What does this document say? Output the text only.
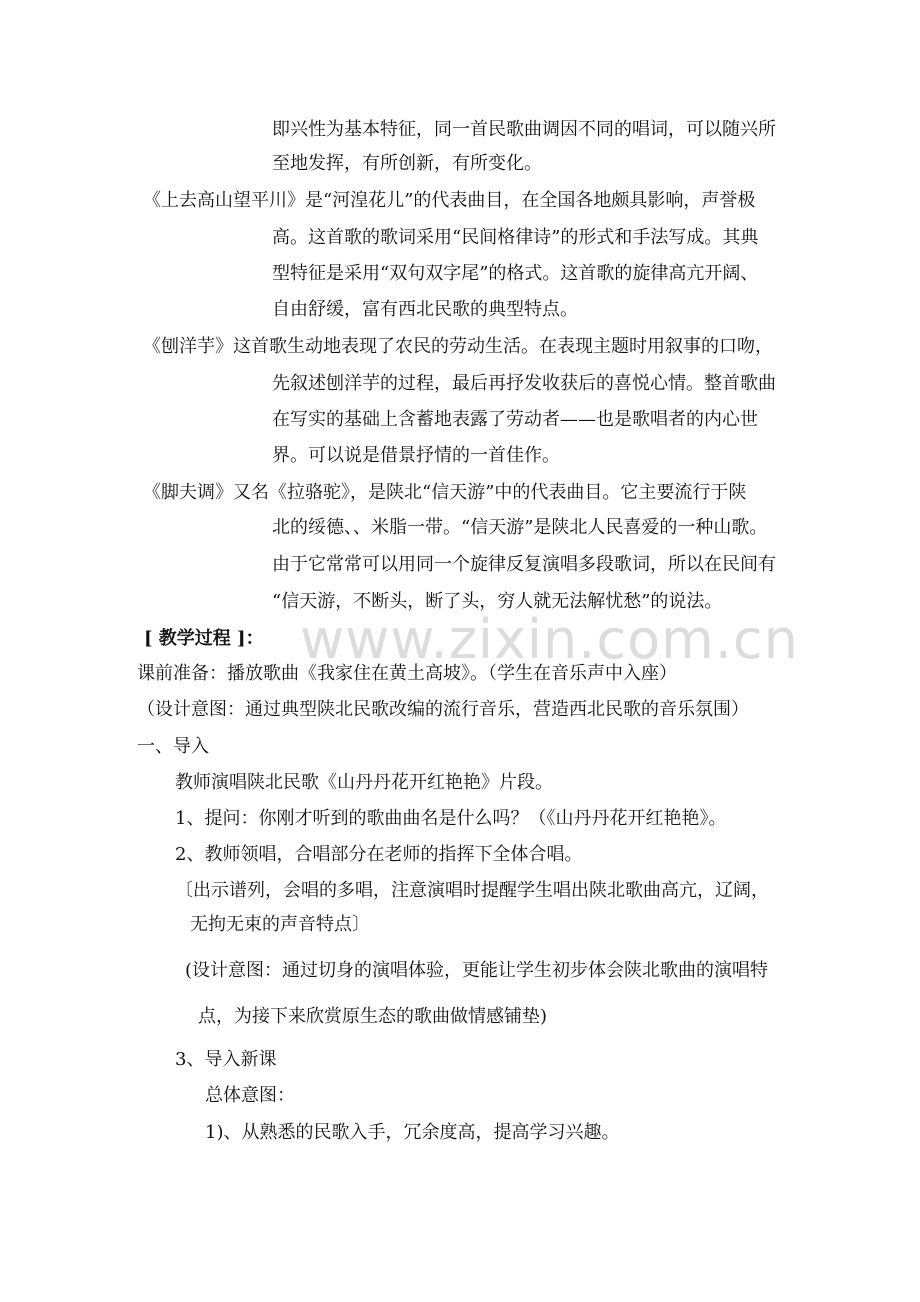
www.zixin.com.cn
即兴性为基本特征，同一首民歌曲调因不同的唱词，可以随兴所
至地发挥，有所创新，有所变化。
《上去高山望平川》是“河湟花儿”的代表曲目，在全国各地颇具影响，声誉极
高。这首歌的歌词采用“民间格律诗”的形式和手法写成。其典
型特征是采用“双句双字尾”的格式。这首歌的旋律高亢开阔、
自由舒缓，富有西北民歌的典型特点。
《刨洋芋》这首歌生动地表现了农民的劳动生活。在表现主题时用叙事的口吻，
先叙述刨洋芋的过程，最后再抒发收获后的喜悦心情。整首歌曲
在写实的基础上含蓄地表露了劳动者——也是歌唱者的内心世
界。可以说是借景抒情的一首佳作。
《脚夫调》又名《拉骆驼》，是陕北“信天游”中的代表曲目。它主要流行于陕
北的绥德、、米脂一带。“信天游”是陕北人民喜爱的一种山歌。
由于它常常可以用同一个旋律反复演唱多段歌词，所以在民间有
“信天游，不断头，断了头，穷人就无法解忧愁”的说法。
[ 教学过程 ]：
课前准备：播放歌曲《我家住在黄土高坡》。（学生在音乐声中入座）
（设计意图：通过典型陕北民歌改编的流行音乐，营造西北民歌的音乐氛围）
一、导入
教师演唱陕北民歌《山丹丹花开红艳艳》片段。
1、提问：你刚才听到的歌曲曲名是什么吗？（《山丹丹花开红艳艳》。
2、教师领唱，合唱部分在老师的指挥下全体合唱。
〔出示谱列，会唱的多唱，注意演唱时提醒学生唱出陕北歌曲高亢，辽阔，
无拘无束的声音特点〕
(设计意图：通过切身的演唱体验，更能让学生初步体会陕北歌曲的演唱特
点，为接下来欣赏原生态的歌曲做情感铺垫)
3、导入新课
总体意图：
1)、从熟悉的民歌入手，冗余度高，提高学习兴趣。
